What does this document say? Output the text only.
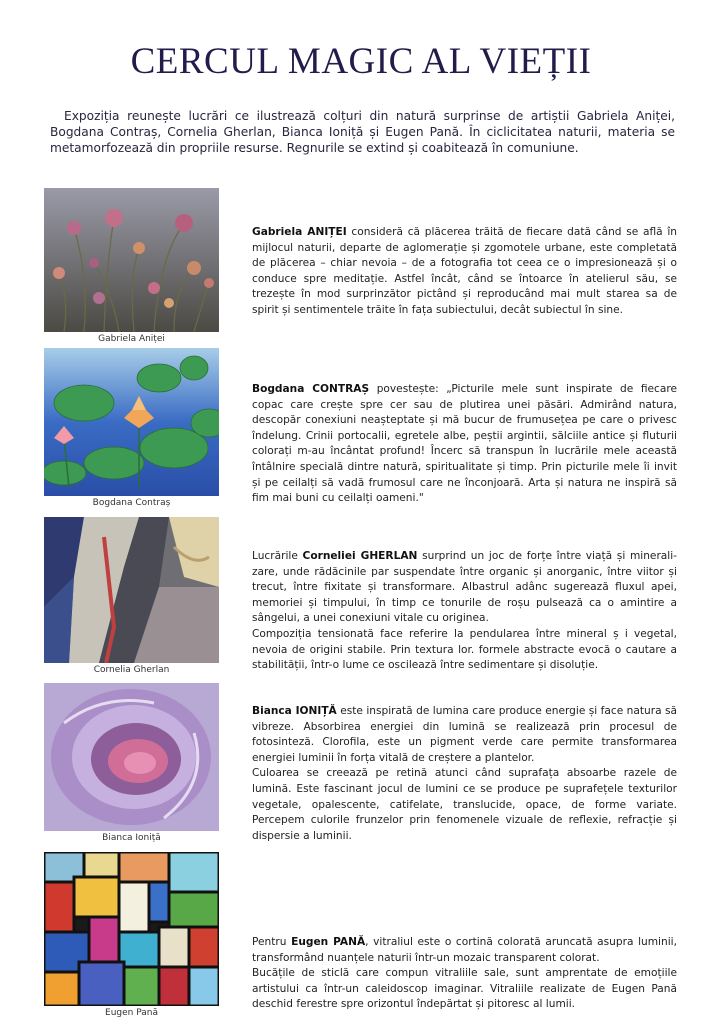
CERCUL MAGIC AL VIEȚII

Expoziția reunește lucrări ce ilustrează colțuri din natură surprinse de artiștii Gabriela Aniței, Bogdana Contraș, Cornelia Gherlan, Bianca Ioniță și Eugen Pană. În ciclicitatea naturii, materia se metamorfozează din propriile resurse. Regnurile se extind și coabitează în comuniune.

Gabriela Aniței
Bogdana Contraș
Cornelia Gherlan
Bianca Ioniță
Eugen Pană
Gabriela ANIȚEI consideră că plăcerea trăită de fiecare dată când se află în mijlocul naturii, departe de aglomerație și zgomotele urbane, este completată de plăcerea – chiar nevoia – de a fotografia tot ceea ce o impresionează și o conduce spre meditație. Astfel încât, când se întoarce în atelierul său, se trezește în mod surprinzător pictând și reproducând mai mult starea sa de spirit și sentimentele trăite în fața subiectului, decât subiectul în sine.
Bogdana CONTRAȘ povestește: „Picturile mele sunt inspirate de fiecare copac care crește spre cer sau de plutirea unei păsări. Admirând natura, descopăr conexiuni neașteptate și mă bucur de frumusețea pe care o privesc îndelung. Crinii portocalii, egretele albe, peștii argintii, sălciile antice și fluturii colorați m-au încântat profund! Încerc să transpun în lucrările mele această întâlnire specială dintre natură, spiritualitate și timp. Prin picturile mele îi invit și pe ceilalți să vadă frumosul care ne înconjoară. Arta și natura ne inspiră să fim mai buni cu ceilalți oameni."
Lucrările Corneliei GHERLAN surprind un joc de forțe între viață și minerali-zare, unde rădăcinile par suspendate între organic și anorganic, între viitor și trecut, între fixitate și transformare. Albastrul adânc sugerează fluxul apei, memoriei și timpului, în timp ce tonurile de roșu pulsează ca o amintire a sângelui, a unei conexiuni vitale cu originea.
Compoziția tensionată face referire la pendularea între mineral ș i vegetal, nevoia de origini stabile. Prin textura lor. formele abstracte evocă o cautare a stabilității, într-o lume ce oscilează între sedimentare și disoluție.
Bianca IONIȚĂ este inspirată de lumina care produce energie și face natura să vibreze. Absorbirea energiei din lumină se realizează prin procesul de fotosinteză. Clorofila, este un pigment verde care permite transformarea energiei luminii în forța vitală de creștere a plantelor.
Culoarea se creează pe retină atunci când suprafața absoarbe razele de lumină. Este fascinant jocul de lumini ce se produce pe suprafețele texturilor vegetale, opalescente, catifelate, translucide, opace, de forme variate. Percepem culorile frunzelor prin fenomenele vizuale de reflexie, refracție și dispersie a luminii.
Pentru Eugen PANĂ, vitraliul este o cortină colorată aruncată asupra luminii, transformând nuanțele naturii într-un mozaic transparent colorat.
Bucățile de sticlă care compun vitraliile sale, sunt amprentate de emoțiile artistului ca într-un caleidoscop imaginar. Vitraliile realizate de Eugen Pană deschid ferestre spre orizontul îndepărtat și pitoresc al lumii.
